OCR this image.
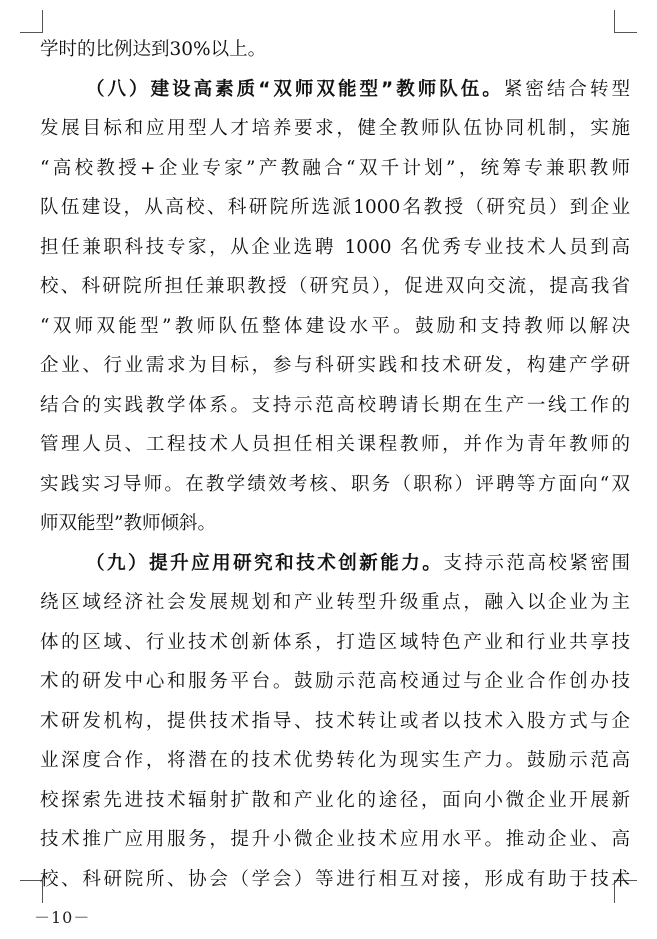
学时的比例达到30%以上。

（八）建设高素质“双师双能型”教师队伍。紧密结合转型

发展目标和应用型人才培养要求，健全教师队伍协同机制，实施

“高校教授+企业专家”产教融合“双千计划”，统筹专兼职教师

队伍建设，从高校、科研院所选派1000名教授（研究员）到企业

担任兼职科技专家，从企业选聘 1000 名优秀专业技术人员到高

校、科研院所担任兼职教授（研究员），促进双向交流，提高我省

“双师双能型”教师队伍整体建设水平。鼓励和支持教师以解决

企业、行业需求为目标，参与科研实践和技术研发，构建产学研

结合的实践教学体系。支持示范高校聘请长期在生产一线工作的

管理人员、工程技术人员担任相关课程教师，并作为青年教师的

实践实习导师。在教学绩效考核、职务（职称）评聘等方面向“双

师双能型”教师倾斜。

（九）提升应用研究和技术创新能力。支持示范高校紧密围

绕区域经济社会发展规划和产业转型升级重点，融入以企业为主

体的区域、行业技术创新体系，打造区域特色产业和行业共享技

术的研发中心和服务平台。鼓励示范高校通过与企业合作创办技

术研发机构，提供技术指导、技术转让或者以技术入股方式与企

业深度合作，将潜在的技术优势转化为现实生产力。鼓励示范高

校探索先进技术辐射扩散和产业化的途径，面向小微企业开展新

技术推广应用服务，提升小微企业技术应用水平。推动企业、高

校、科研院所、协会（学会）等进行相互对接，形成有助于技术

－10－
